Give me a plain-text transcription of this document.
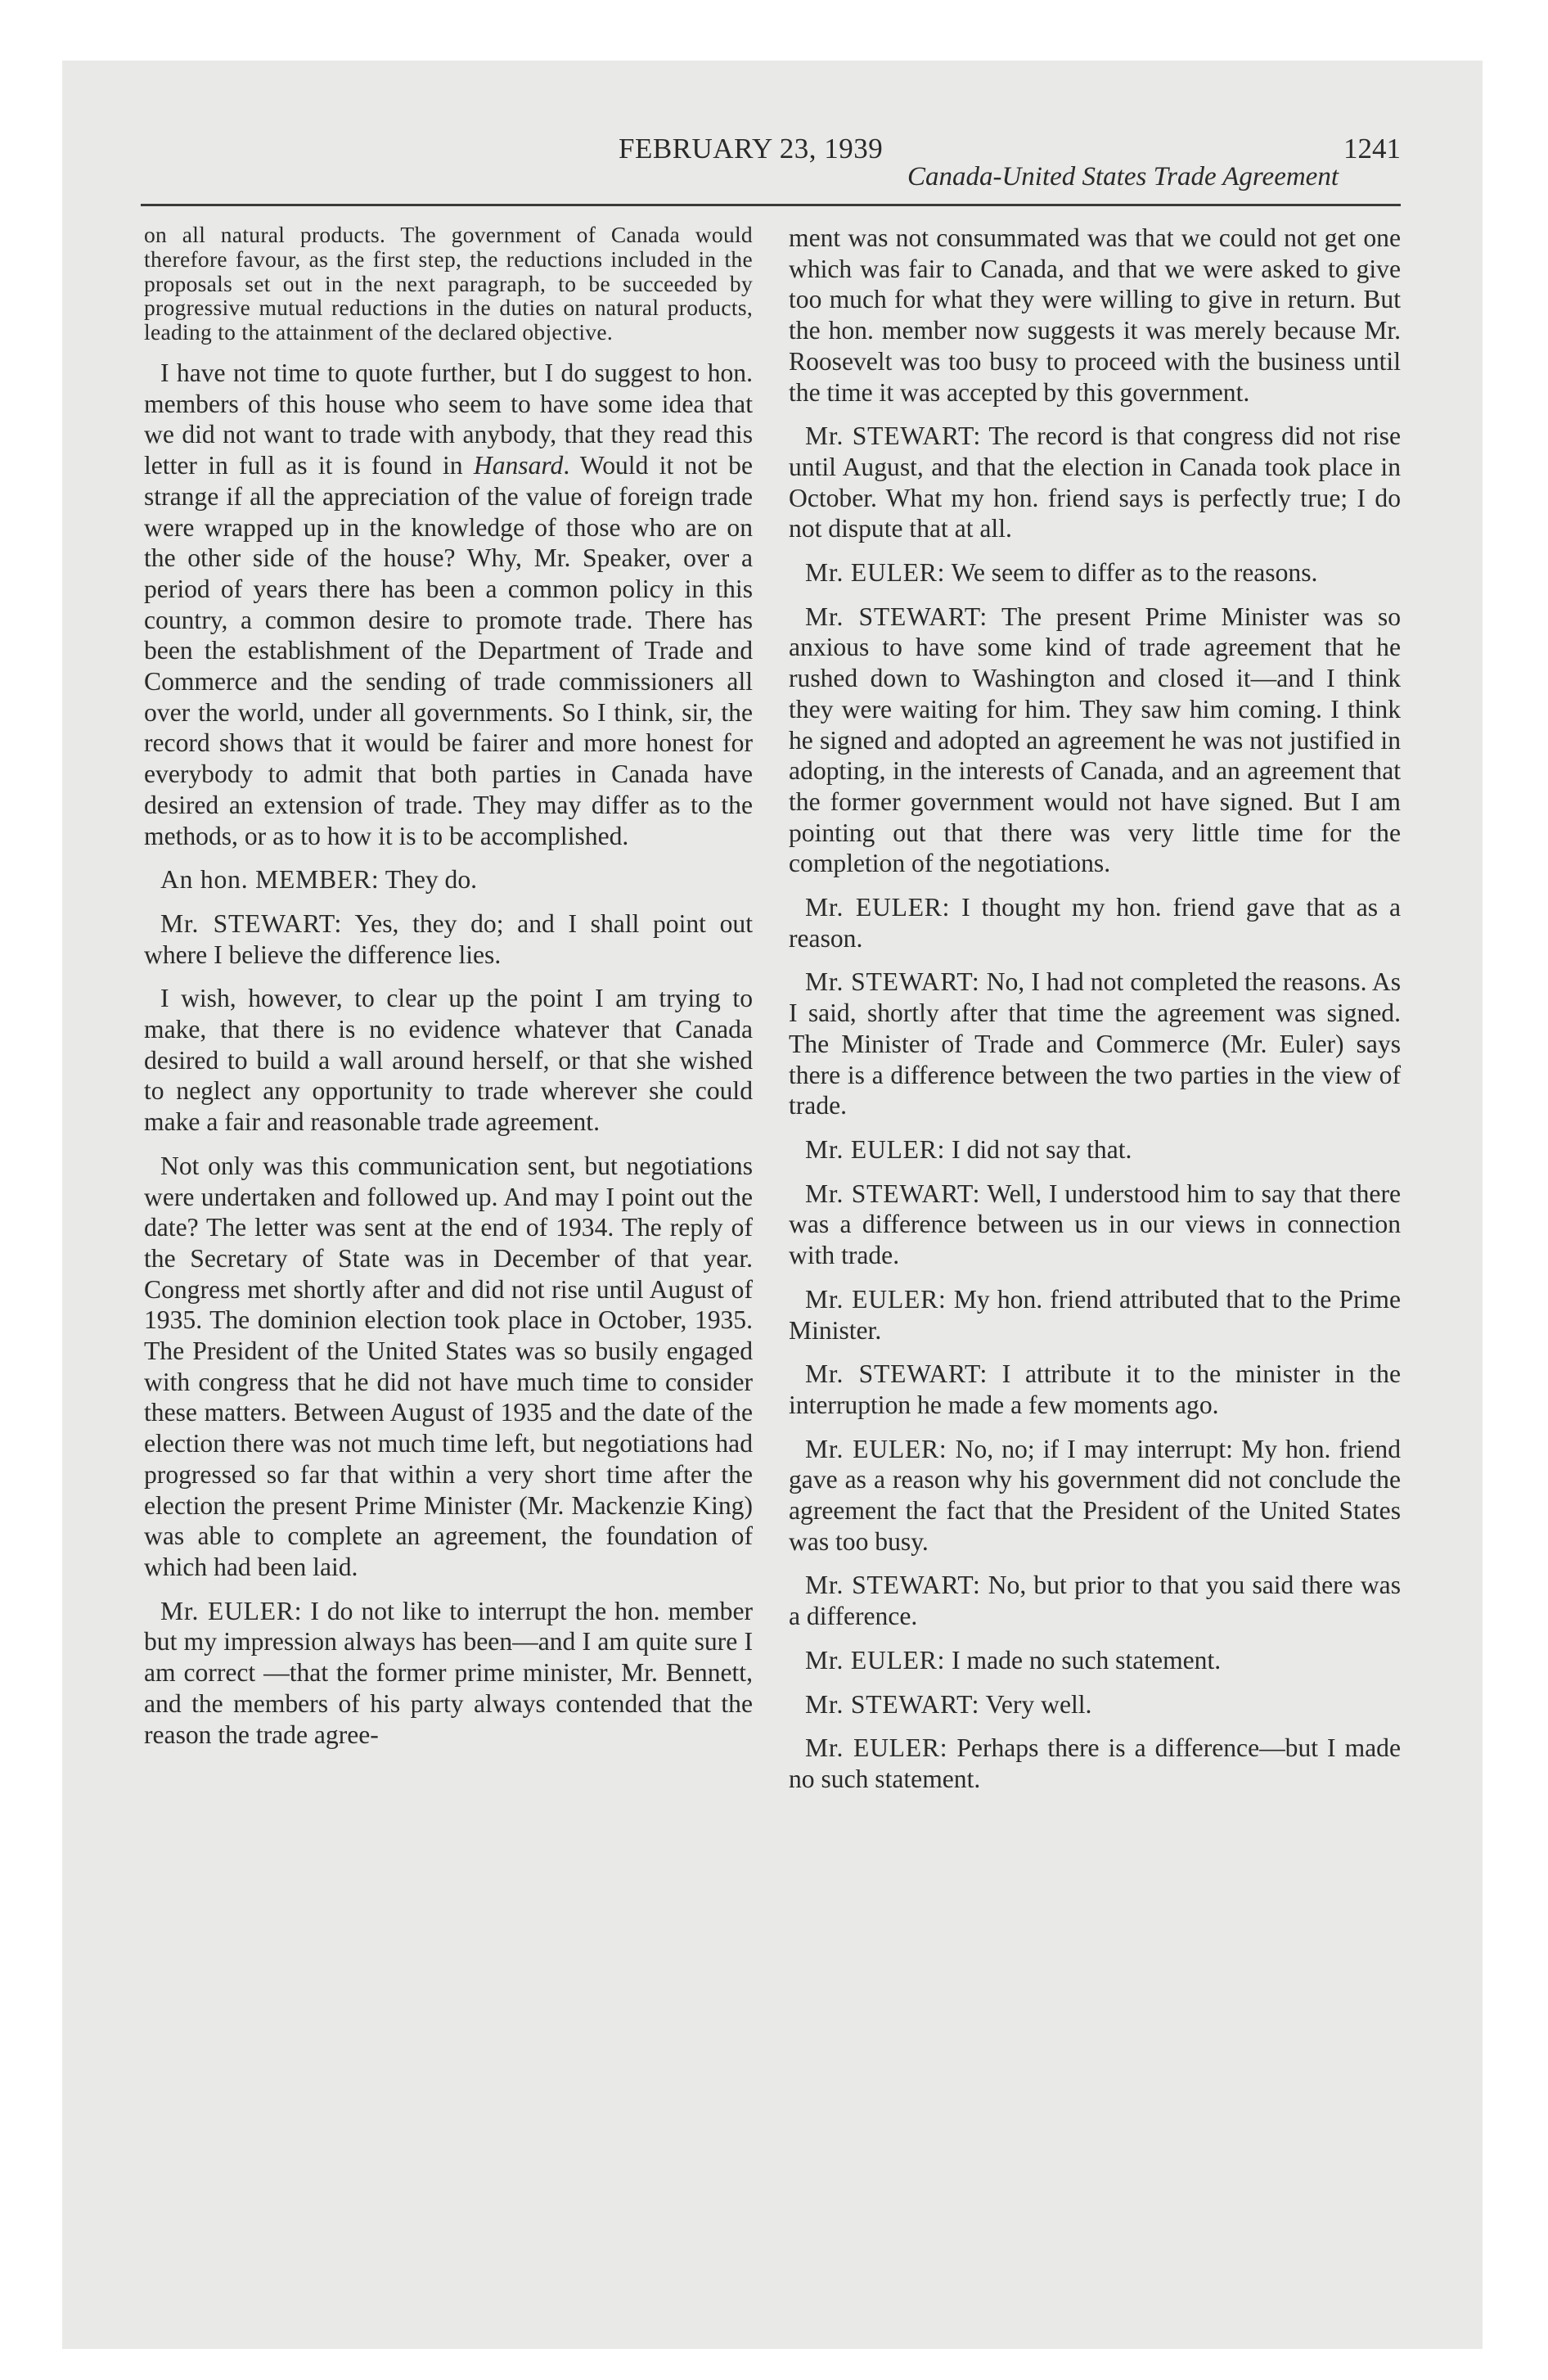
FEBRUARY 23, 1939	1241
Canada-United States Trade Agreement

on all natural products. The government of Canada would therefore favour, as the first step, the reductions included in the proposals set out in the next paragraph, to be succeeded by progressive mutual reductions in the duties on natural products, leading to the attainment of the declared objective.

I have not time to quote further, but I do suggest to hon. members of this house who seem to have some idea that we did not want to trade with anybody, that they read this letter in full as it is found in Hansard. Would it not be strange if all the appreciation of the value of foreign trade were wrapped up in the knowledge of those who are on the other side of the house? Why, Mr. Speaker, over a period of years there has been a common policy in this country, a common desire to promote trade. There has been the establishment of the Department of Trade and Commerce and the sending of trade commissioners all over the world, under all governments. So I think, sir, the record shows that it would be fairer and more honest for everybody to admit that both parties in Canada have desired an extension of trade. They may differ as to the methods, or as to how it is to be accomplished.

An hon. MEMBER: They do.

Mr. STEWART: Yes, they do; and I shall point out where I believe the difference lies.

I wish, however, to clear up the point I am trying to make, that there is no evidence whatever that Canada desired to build a wall around herself, or that she wished to neglect any opportunity to trade wherever she could make a fair and reasonable trade agreement.

Not only was this communication sent, but negotiations were undertaken and followed up. And may I point out the date? The letter was sent at the end of 1934. The reply of the Secretary of State was in December of that year. Congress met shortly after and did not rise until August of 1935. The dominion election took place in October, 1935. The President of the United States was so busily engaged with congress that he did not have much time to consider these matters. Between August of 1935 and the date of the election there was not much time left, but negotiations had progressed so far that within a very short time after the election the present Prime Minister (Mr. Mackenzie King) was able to complete an agreement, the foundation of which had been laid.

Mr. EULER: I do not like to interrupt the hon. member but my impression always has been—and I am quite sure I am correct —that the former prime minister, Mr. Bennett, and the members of his party always contended that the reason the trade agree-

ment was not consummated was that we could not get one which was fair to Canada, and that we were asked to give too much for what they were willing to give in return. But the hon. member now suggests it was merely because Mr. Roosevelt was too busy to proceed with the business until the time it was accepted by this government.

Mr. STEWART: The record is that congress did not rise until August, and that the election in Canada took place in October. What my hon. friend says is perfectly true; I do not dispute that at all.

Mr. EULER: We seem to differ as to the reasons.

Mr. STEWART: The present Prime Minister was so anxious to have some kind of trade agreement that he rushed down to Washington and closed it—and I think they were waiting for him. They saw him coming. I think he signed and adopted an agreement he was not justified in adopting, in the interests of Canada, and an agreement that the former government would not have signed. But I am pointing out that there was very little time for the completion of the negotiations.

Mr. EULER: I thought my hon. friend gave that as a reason.

Mr. STEWART: No, I had not completed the reasons. As I said, shortly after that time the agreement was signed. The Minister of Trade and Commerce (Mr. Euler) says there is a difference between the two parties in the view of trade.

Mr. EULER: I did not say that.

Mr. STEWART: Well, I understood him to say that there was a difference between us in our views in connection with trade.

Mr. EULER: My hon. friend attributed that to the Prime Minister.

Mr. STEWART: I attribute it to the minister in the interruption he made a few moments ago.

Mr. EULER: No, no; if I may interrupt: My hon. friend gave as a reason why his government did not conclude the agreement the fact that the President of the United States was too busy.

Mr. STEWART: No, but prior to that you said there was a difference.

Mr. EULER: I made no such statement.

Mr. STEWART: Very well.

Mr. EULER: Perhaps there is a difference—but I made no such statement.
